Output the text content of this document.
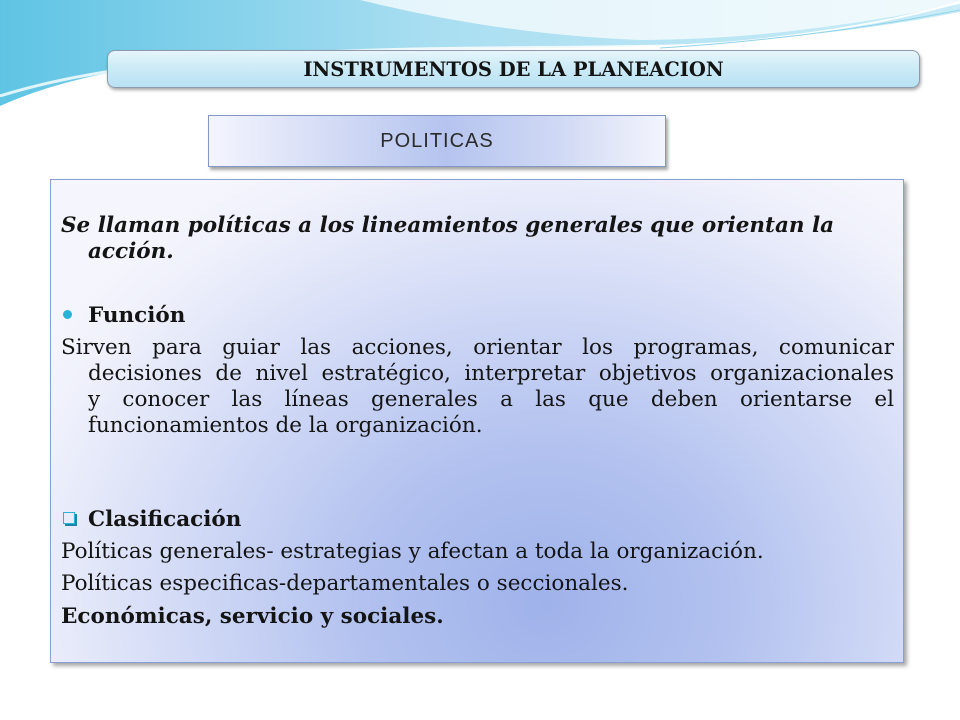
INSTRUMENTOS DE LA PLANEACION
POLITICAS
Se llaman políticas a los lineamientos generales que orientan la
acción.
Función
Sirven para guiar las acciones, orientar los programas, comunicar
decisiones de nivel estratégico, interpretar objetivos organizacionales
y conocer las líneas generales a las que deben orientarse el
funcionamientos de la organización.
Clasificación
Políticas generales- estrategias y afectan a toda la organización.
Políticas especificas-departamentales o seccionales.
Económicas, servicio y sociales.
